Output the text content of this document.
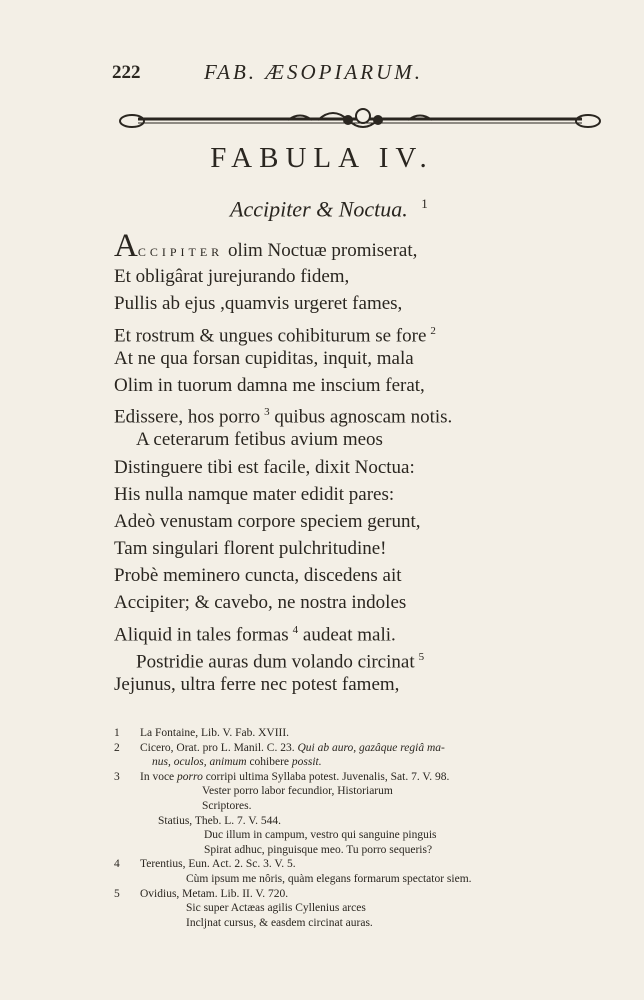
222	FAB. ÆSOPIARUM.
FABULA IV.
Accipiter & Noctua. $^1$
ACCIPITER olim Noctuæ promiserat,
Et obligârat jurejurando fidem,
Pullis ab ejus ,quamvis urgeret fames,
Et rostrum & ungues cohibiturum se fore $^2$
At ne qua forsan cupiditas, inquit, mala
Olim in tuorum damna me inscium ferat,
Edissere, hos porro $^3$ quibus agnoscam notis.
A ceterarum fetibus avium meos
Distinguere tibi est facile, dixit Noctua:
His nulla namque mater edidit pares:
Adeò venustam corpore speciem gerunt,
Tam singulari florent pulchritudine!
Probè meminero cuncta, discedens ait
Accipiter; & cavebo, ne nostra indoles
Aliquid in tales formas $^4$ audeat mali.
Postridie auras dum volando circinat $^5$
Jejunus, ultra ferre nec potest famem,
1	La Fontaine, Lib. V. Fab. XVIII.
2	Cicero, Orat. pro L. Manil. C. 23. Qui ab auro, gazâque regiâ ma-
nus, oculos, animum cohibere possit.
3	In voce porro corripi ultima Syllaba potest. Juvenalis, Sat. 7. V. 98.
Vester porro labor fecundior, Historiarum
Scriptores.
Statius, Theb. L. 7. V. 544.
Duc illum in campum, vestro qui sanguine pinguis
Spirat adhuc, pinguisque meo. Tu porro sequeris?
4	Terentius, Eun. Act. 2. Sc. 3. V. 5.
Cùm ipsum me nôris, quàm elegans formarum spectator siem.
5	Ovidius, Metam. Lib. II. V. 720.
Sic super Actæas agilis Cyllenius arces
Incljnat cursus, & easdem circinat auras.
